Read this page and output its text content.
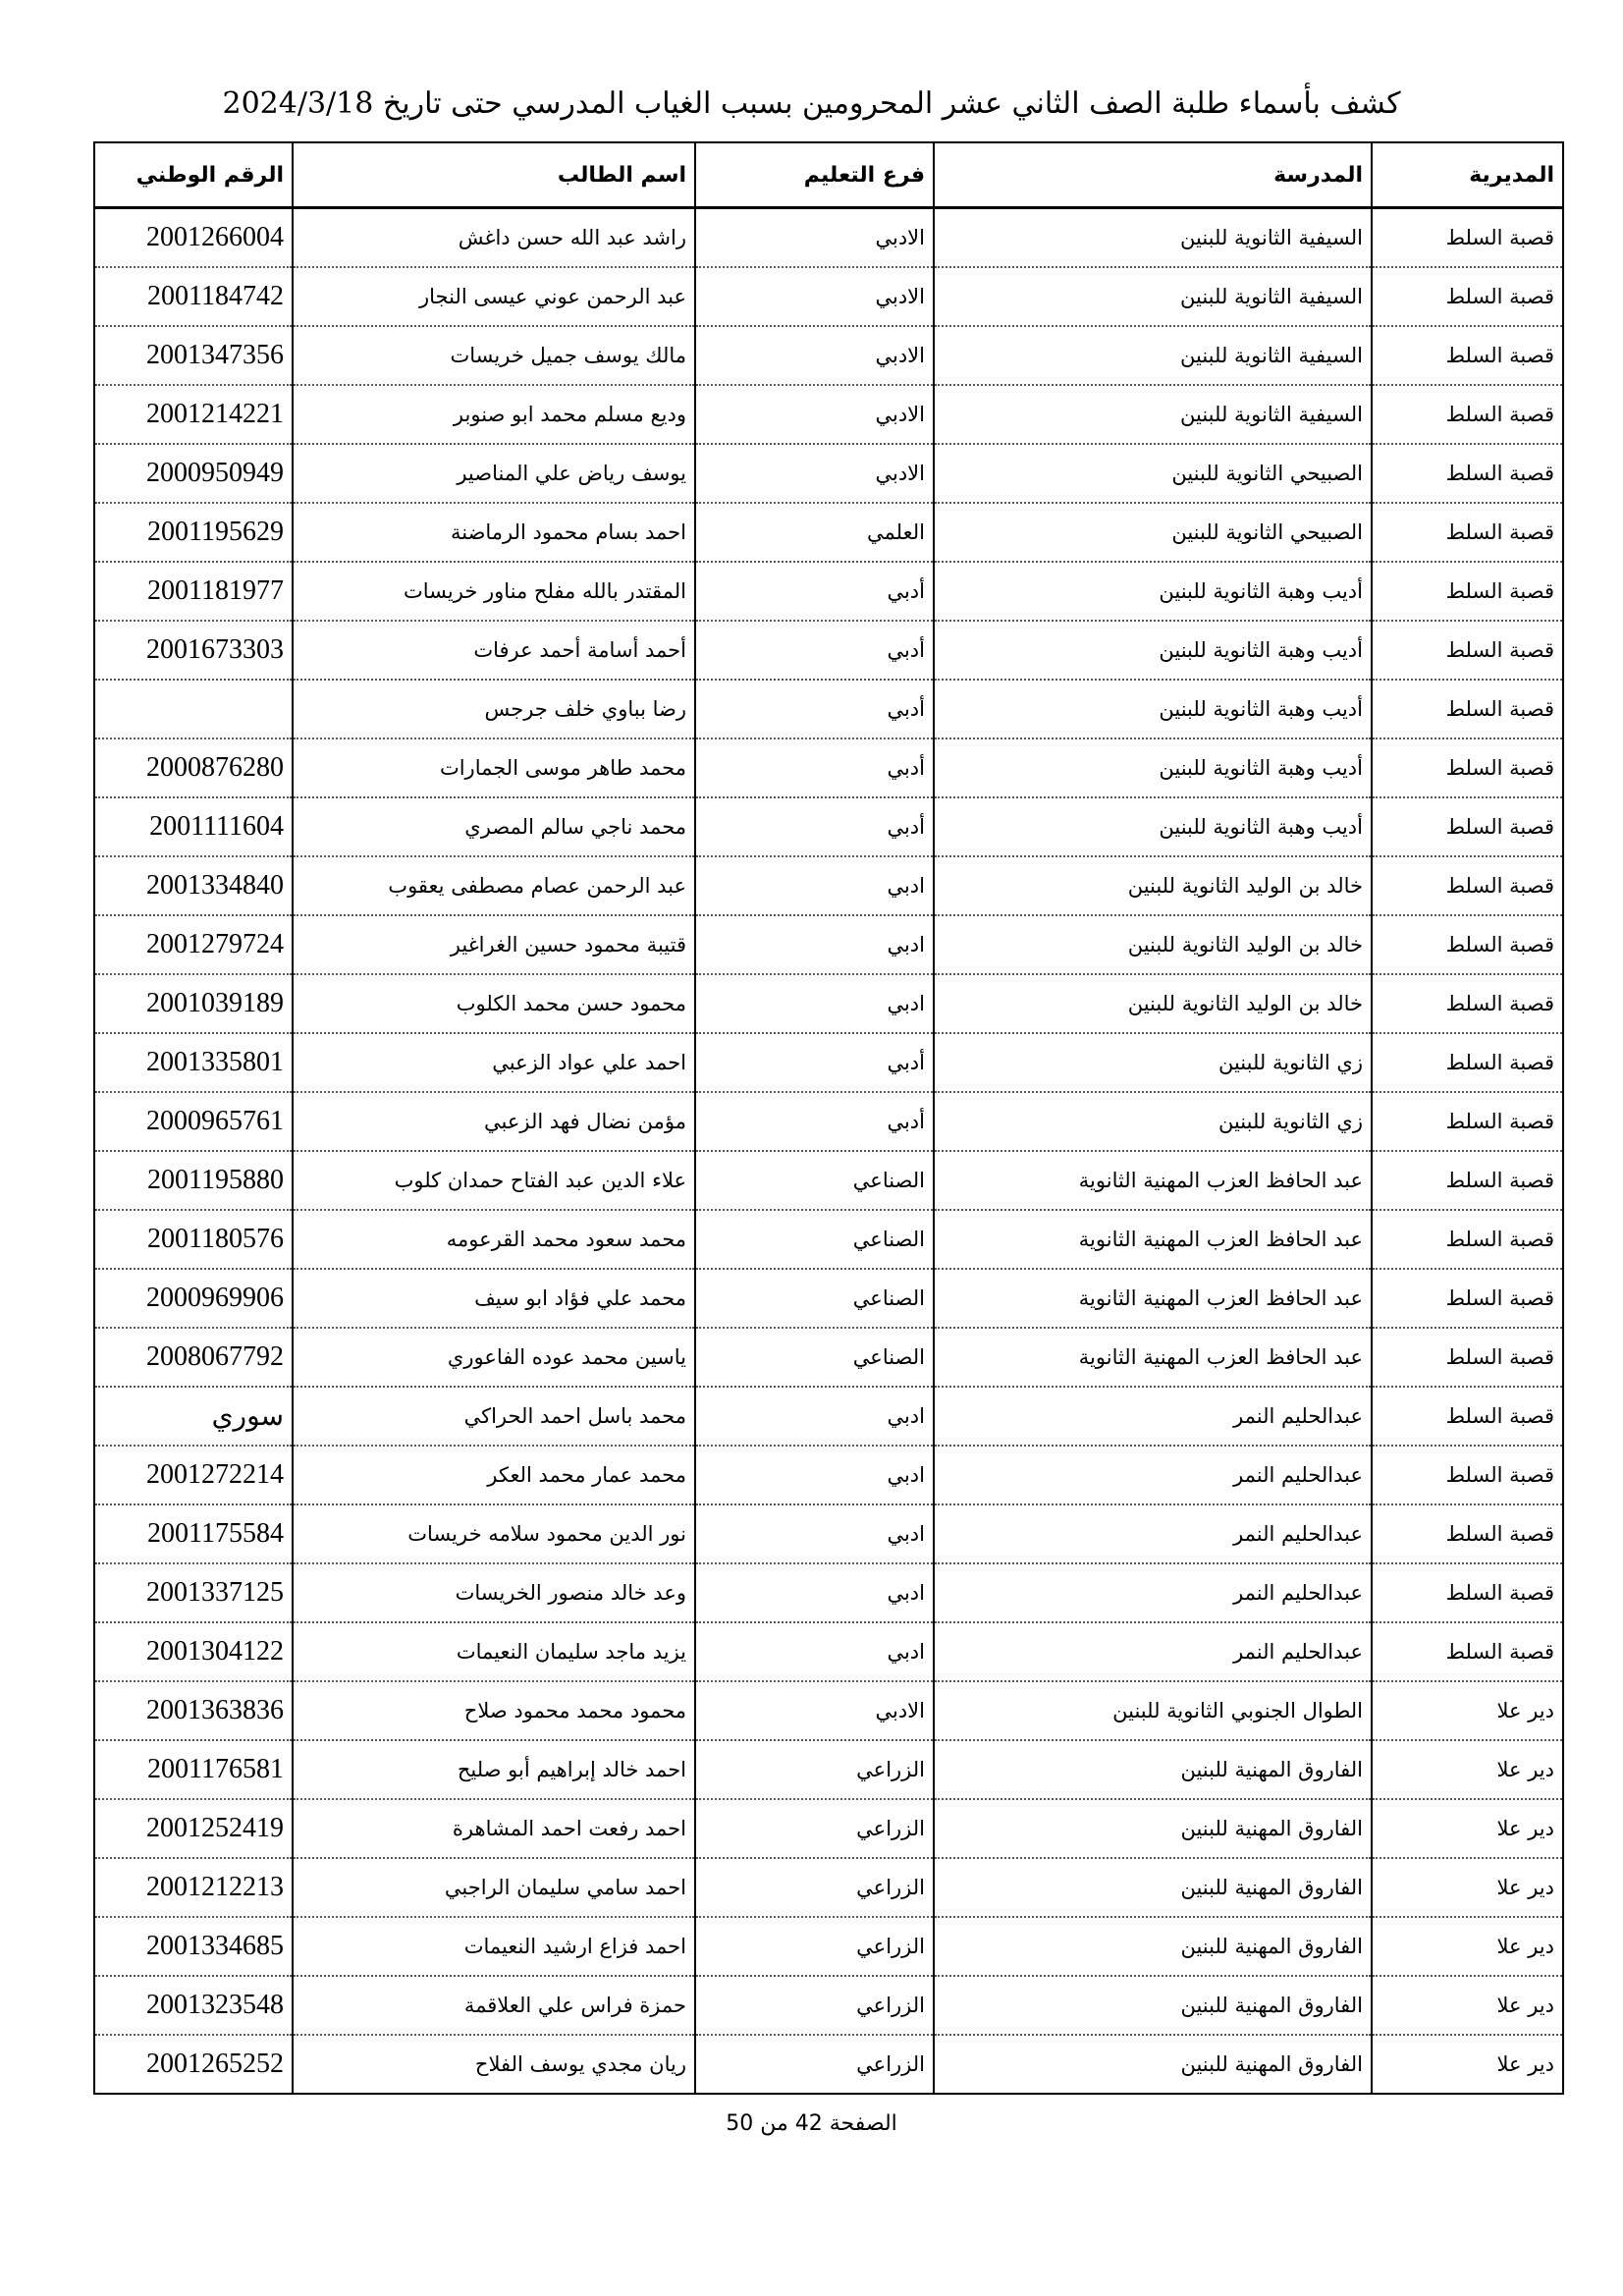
كشف بأسماء طلبة الصف الثاني عشر المحرومين بسبب الغياب المدرسي حتى تاريخ 2024/3/18
المديرية	المدرسة	فرع التعليم	اسم الطالب	الرقم الوطني
قصبة السلط	السيفية الثانوية للبنين	الادبي	راشد عبد الله حسن داغش	2001266004
قصبة السلط	السيفية الثانوية للبنين	الادبي	عبد الرحمن عوني عيسى النجار	2001184742
قصبة السلط	السيفية الثانوية للبنين	الادبي	مالك يوسف جميل خريسات	2001347356
قصبة السلط	السيفية الثانوية للبنين	الادبي	وديع مسلم محمد ابو صنوبر	2001214221
قصبة السلط	الصبيحي الثانوية للبنين	الادبي	يوسف رياض علي المناصير	2000950949
قصبة السلط	الصبيحي الثانوية للبنين	العلمي	احمد بسام محمود الرماضنة	2001195629
قصبة السلط	أديب وهبة الثانوية للبنين	أدبي	المقتدر بالله مفلح مناور خريسات	2001181977
قصبة السلط	أديب وهبة الثانوية للبنين	أدبي	أحمد أسامة أحمد عرفات	2001673303
قصبة السلط	أديب وهبة الثانوية للبنين	أدبي	رضا بباوي خلف جرجس	
قصبة السلط	أديب وهبة الثانوية للبنين	أدبي	محمد طاهر موسى الجمارات	2000876280
قصبة السلط	أديب وهبة الثانوية للبنين	أدبي	محمد ناجي سالم المصري	2001111604
قصبة السلط	خالد بن الوليد الثانوية للبنين	ادبي	عبد الرحمن عصام مصطفى يعقوب	2001334840
قصبة السلط	خالد بن الوليد الثانوية للبنين	ادبي	قتيبة محمود حسين الغراغير	2001279724
قصبة السلط	خالد بن الوليد الثانوية للبنين	ادبي	محمود حسن محمد الكلوب	2001039189
قصبة السلط	زي الثانوية للبنين	أدبي	احمد علي عواد الزعبي	2001335801
قصبة السلط	زي الثانوية للبنين	أدبي	مؤمن نضال فهد الزعبي	2000965761
قصبة السلط	عبد الحافظ العزب المهنية الثانوية	الصناعي	علاء الدين عبد الفتاح حمدان كلوب	2001195880
قصبة السلط	عبد الحافظ العزب المهنية الثانوية	الصناعي	محمد سعود محمد القرعومه	2001180576
قصبة السلط	عبد الحافظ العزب المهنية الثانوية	الصناعي	محمد علي فؤاد ابو سيف	2000969906
قصبة السلط	عبد الحافظ العزب المهنية الثانوية	الصناعي	ياسين محمد عوده الفاعوري	2008067792
قصبة السلط	عبدالحليم النمر	ادبي	محمد باسل احمد الحراكي	سوري
قصبة السلط	عبدالحليم النمر	ادبي	محمد عمار محمد العكر	2001272214
قصبة السلط	عبدالحليم النمر	ادبي	نور الدين محمود سلامه خريسات	2001175584
قصبة السلط	عبدالحليم النمر	ادبي	وعد خالد منصور الخريسات	2001337125
قصبة السلط	عبدالحليم النمر	ادبي	يزيد ماجد سليمان النعيمات	2001304122
دير علا	الطوال الجنوبي الثانوية للبنين	الادبي	محمود محمد محمود صلاح	2001363836
دير علا	الفاروق المهنية للبنين	الزراعي	احمد خالد إبراهيم أبو صليح	2001176581
دير علا	الفاروق المهنية للبنين	الزراعي	احمد رفعت احمد المشاهرة	2001252419
دير علا	الفاروق المهنية للبنين	الزراعي	احمد سامي سليمان الراجبي	2001212213
دير علا	الفاروق المهنية للبنين	الزراعي	احمد فزاع ارشيد النعيمات	2001334685
دير علا	الفاروق المهنية للبنين	الزراعي	حمزة فراس علي العلاقمة	2001323548
دير علا	الفاروق المهنية للبنين	الزراعي	ريان مجدي يوسف الفلاح	2001265252
الصفحة 42 من 50
